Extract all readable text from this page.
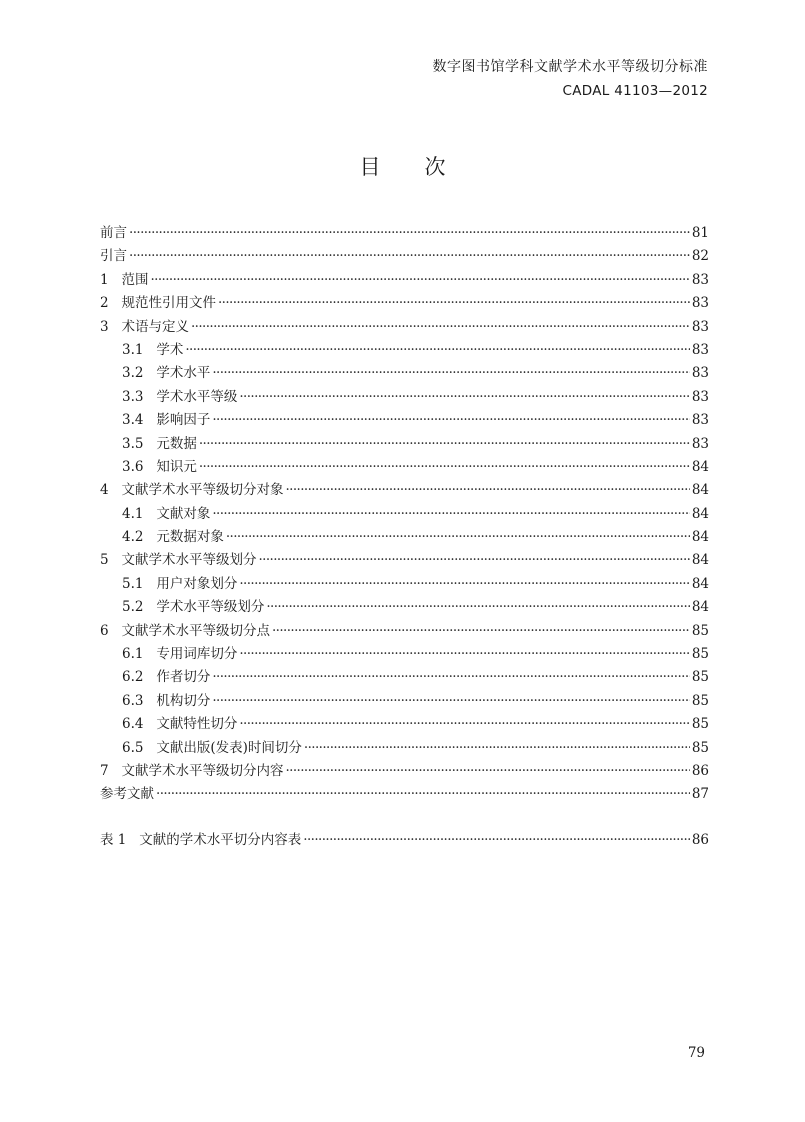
数字图书馆学科文献学术水平等级切分标准
CADAL 41103—2012
目 次
前言 ·····	81
引言 ·····	82
1 范围 ·····	83
2 规范性引用文件 ·····	83
3 术语与定义 ·····	83
3.1 学术 ·····	83
3.2 学术水平 ·····	83
3.3 学术水平等级 ·····	83
3.4 影响因子 ·····	83
3.5 元数据 ·····	83
3.6 知识元 ·····	84
4 文献学术水平等级切分对象 ·····	84
4.1 文献对象 ·····	84
4.2 元数据对象 ·····	84
5 文献学术水平等级划分 ·····	84
5.1 用户对象划分 ·····	84
5.2 学术水平等级划分 ·····	84
6 文献学术水平等级切分点 ·····	85
6.1 专用词库切分 ·····	85
6.2 作者切分 ·····	85
6.3 机构切分 ·····	85
6.4 文献特性切分 ·····	85
6.5 文献出版(发表)时间切分 ·····	85
7 文献学术水平等级切分内容 ·····	86
参考文献 ·····	87
表 1 文献的学术水平切分内容表 ·····	86
79
